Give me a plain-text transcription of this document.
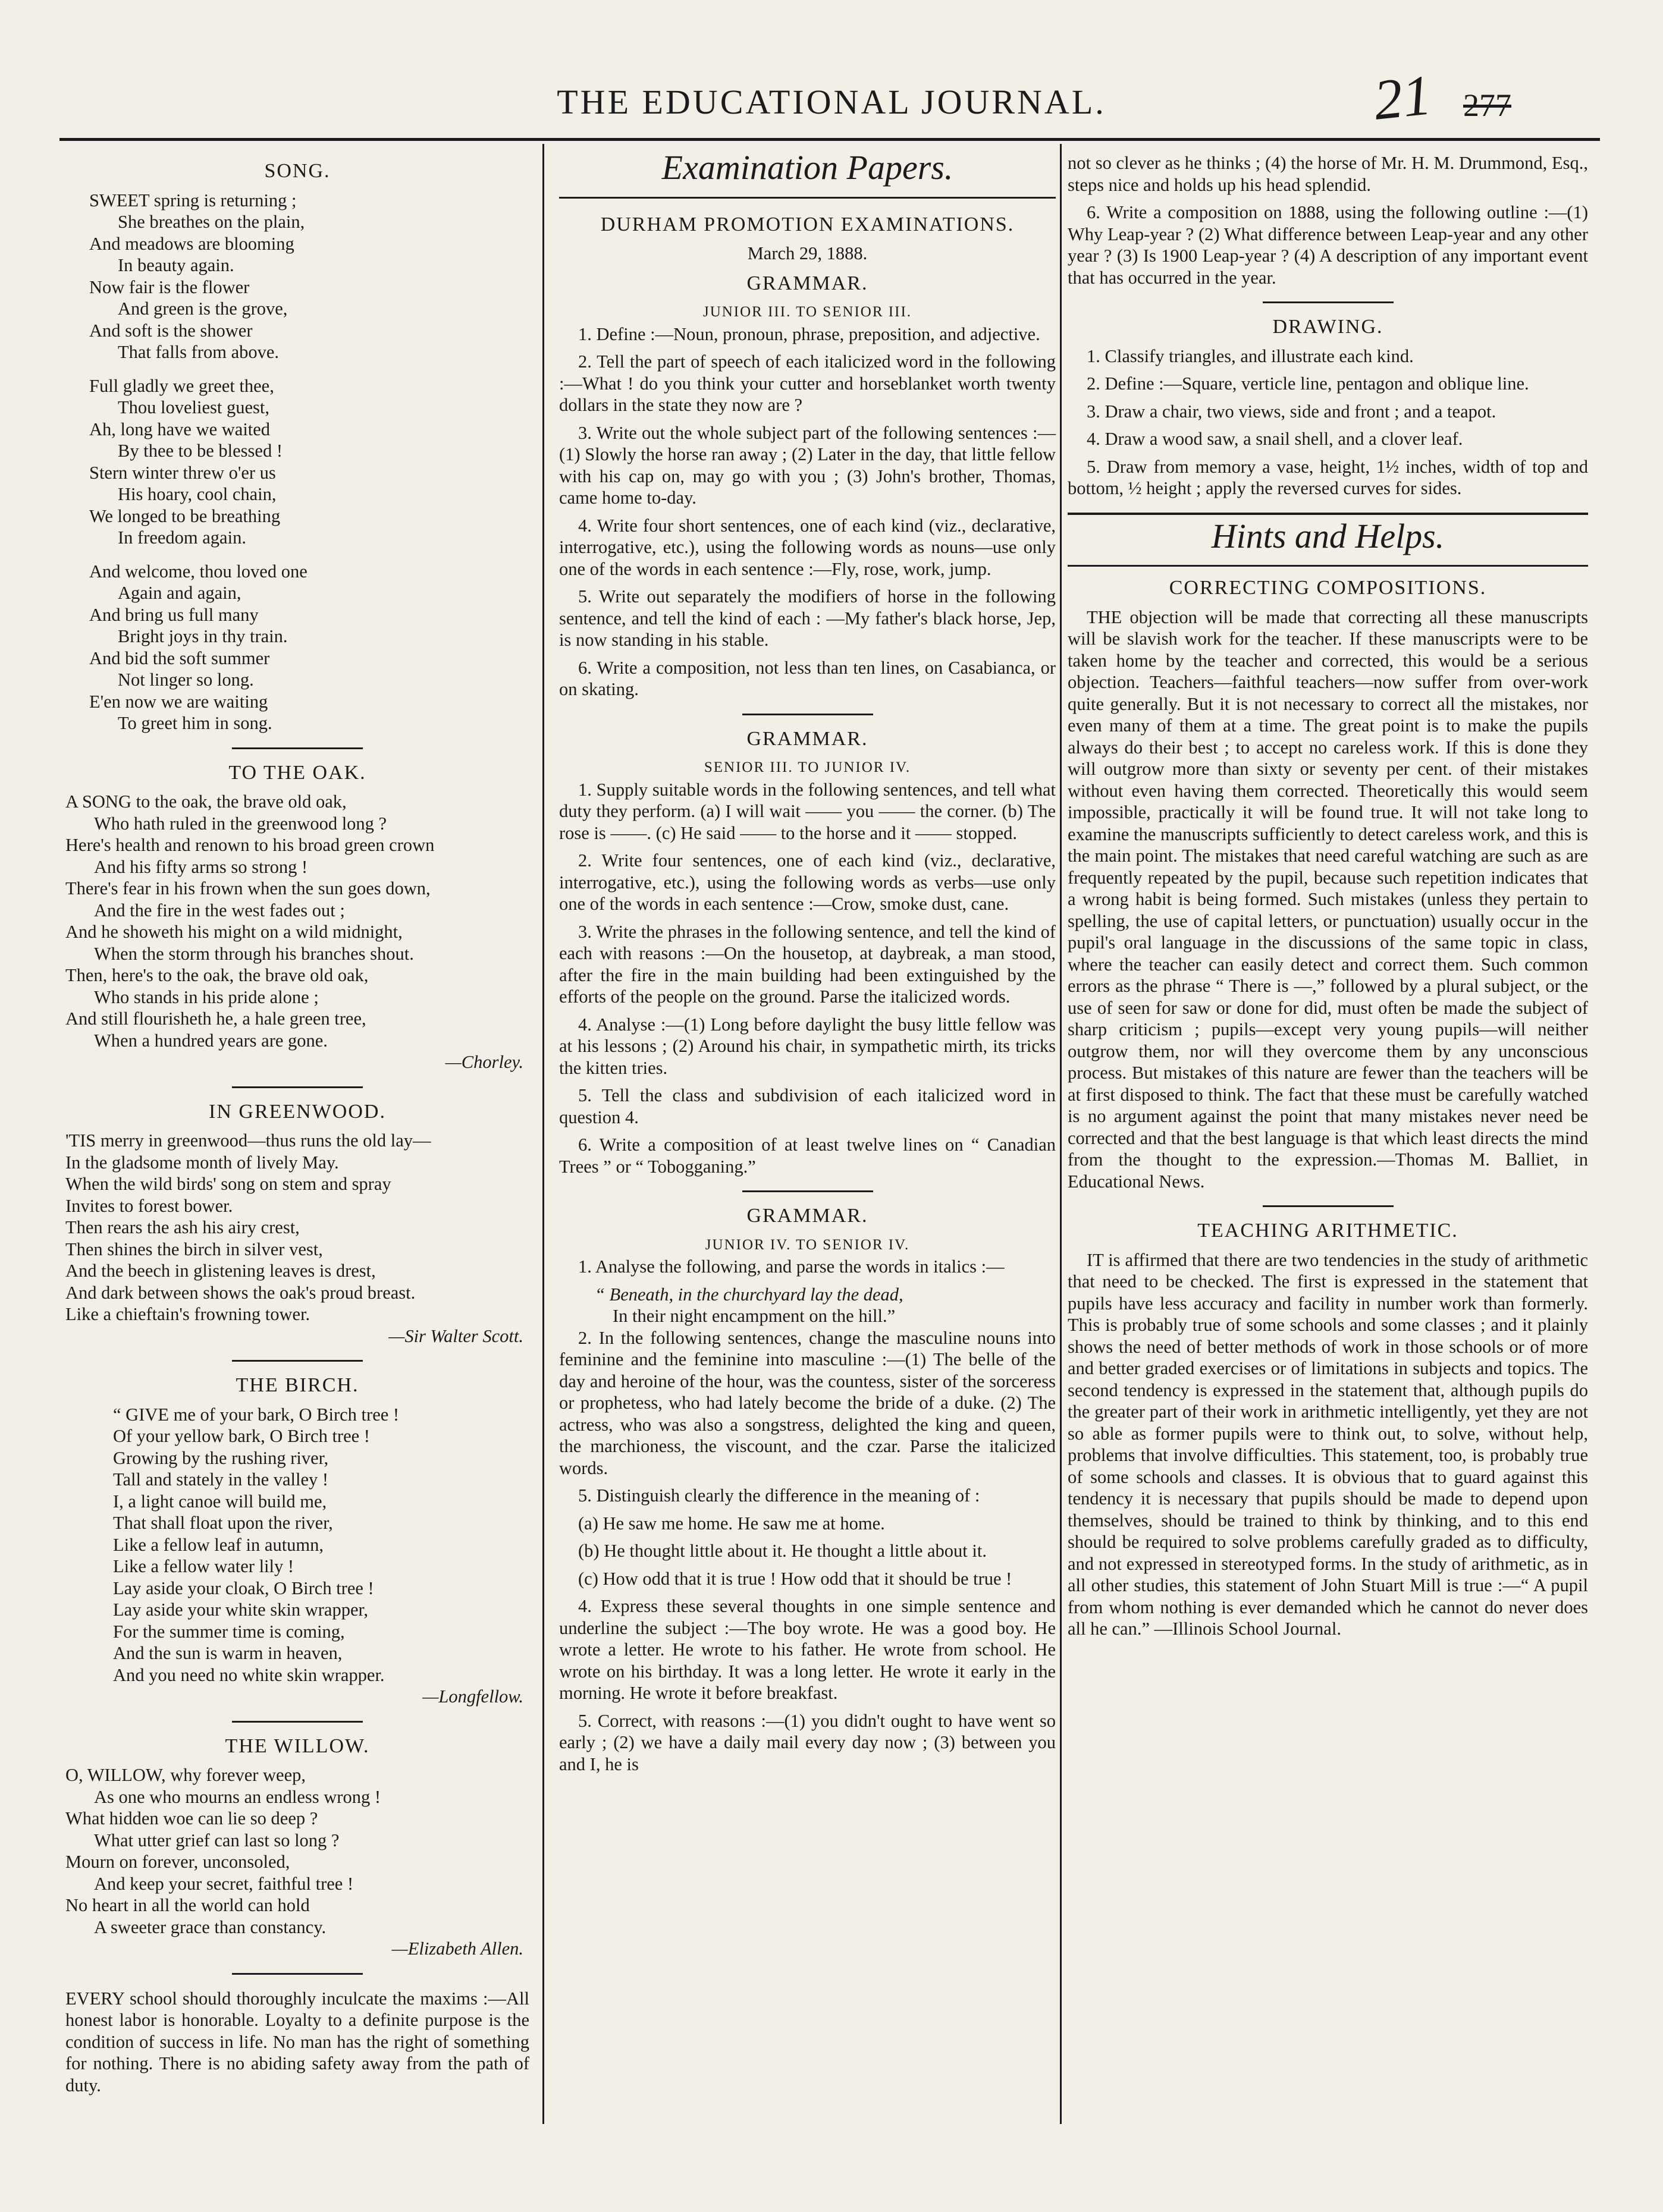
THE EDUCATIONAL JOURNAL.	21 277
SONG.
SWEET spring is returning ;
She breathes on the plain,
And meadows are blooming
In beauty again.
Now fair is the flower
And green is the grove,
And soft is the shower
That falls from above.
Full gladly we greet thee,
Thou loveliest guest,
Ah, long have we waited
By thee to be blessed !
Stern winter threw o'er us
His hoary, cool chain,
We longed to be breathing
In freedom again.
And welcome, thou loved one
Again and again,
And bring us full many
Bright joys in thy train.
And bid the soft summer
Not linger so long.
E'en now we are waiting
To greet him in song.
TO THE OAK.
A SONG to the oak, the brave old oak,
Who hath ruled in the greenwood long ?
Here's health and renown to his broad green crown
And his fifty arms so strong !
There's fear in his frown when the sun goes down,
And the fire in the west fades out ;
And he showeth his might on a wild midnight,
When the storm through his branches shout.
Then, here's to the oak, the brave old oak,
Who stands in his pride alone ;
And still flourisheth he, a hale green tree,
When a hundred years are gone.
—Chorley.
IN GREENWOOD.
'TIS merry in greenwood—thus runs the old lay—
In the gladsome month of lively May.
When the wild birds' song on stem and spray
Invites to forest bower.
Then rears the ash his airy crest,
Then shines the birch in silver vest,
And the beech in glistening leaves is drest,
And dark between shows the oak's proud breast.
Like a chieftain's frowning tower.
—Sir Walter Scott.
THE BIRCH.
“ GIVE me of your bark, O Birch tree !
Of your yellow bark, O Birch tree !
Growing by the rushing river,
Tall and stately in the valley !
I, a light canoe will build me,
That shall float upon the river,
Like a fellow leaf in autumn,
Like a fellow water lily !
Lay aside your cloak, O Birch tree !
Lay aside your white skin wrapper,
For the summer time is coming,
And the sun is warm in heaven,
And you need no white skin wrapper.
—Longfellow.
THE WILLOW.
O, WILLOW, why forever weep,
As one who mourns an endless wrong !
What hidden woe can lie so deep ?
What utter grief can last so long ?
Mourn on forever, unconsoled,
And keep your secret, faithful tree !
No heart in all the world can hold
A sweeter grace than constancy.
—Elizabeth Allen.

EVERY school should thoroughly inculcate the maxims :—All honest labor is honorable. Loyalty to a definite purpose is the condition of success in life. No man has the right of something for nothing. There is no abiding safety away from the path of duty.

Examination Papers.
DURHAM PROMOTION EXAMINATIONS.
March 29, 1888.
GRAMMAR.
JUNIOR III. TO SENIOR III.

1. Define :—Noun, pronoun, phrase, preposition, and adjective.

2. Tell the part of speech of each italicized word in the following :—What ! do you think your cutter and horseblanket worth twenty dollars in the state they now are ?

3. Write out the whole subject part of the following sentences :—(1) Slowly the horse ran away ; (2) Later in the day, that little fellow with his cap on, may go with you ; (3) John's brother, Thomas, came home to-day.

4. Write four short sentences, one of each kind (viz., declarative, interrogative, etc.), using the following words as nouns—use only one of the words in each sentence :—Fly, rose, work, jump.

5. Write out separately the modifiers of horse in the following sentence, and tell the kind of each : —My father's black horse, Jep, is now standing in his stable.

6. Write a composition, not less than ten lines, on Casabianca, or on skating.

GRAMMAR.
SENIOR III. TO JUNIOR IV.

1. Supply suitable words in the following sentences, and tell what duty they perform. (a) I will wait —— you —— the corner. (b) The rose is ——. (c) He said —— to the horse and it —— stopped.

2. Write four sentences, one of each kind (viz., declarative, interrogative, etc.), using the following words as verbs—use only one of the words in each sentence :—Crow, smoke dust, cane.

3. Write the phrases in the following sentence, and tell the kind of each with reasons :—On the housetop, at daybreak, a man stood, after the fire in the main building had been extinguished by the efforts of the people on the ground. Parse the italicized words.

4. Analyse :—(1) Long before daylight the busy little fellow was at his lessons ; (2) Around his chair, in sympathetic mirth, its tricks the kitten tries.

5. Tell the class and subdivision of each italicized word in question 4.

6. Write a composition of at least twelve lines on “ Canadian Trees ” or “ Tobogganing.”

GRAMMAR.
JUNIOR IV. TO SENIOR IV.

1. Analyse the following, and parse the words in italics :—

“ Beneath, in the churchyard lay the dead,
In their night encampment on the hill.”

2. In the following sentences, change the masculine nouns into feminine and the feminine into masculine :—(1) The belle of the day and heroine of the hour, was the countess, sister of the sorceress or prophetess, who had lately become the bride of a duke. (2) The actress, who was also a songstress, delighted the king and queen, the marchioness, the viscount, and the czar. Parse the italicized words.

5. Distinguish clearly the difference in the meaning of :

(a) He saw me home. He saw me at home.

(b) He thought little about it. He thought a little about it.

(c) How odd that it is true ! How odd that it should be true !

4. Express these several thoughts in one simple sentence and underline the subject :—The boy wrote. He was a good boy. He wrote a letter. He wrote to his father. He wrote from school. He wrote on his birthday. It was a long letter. He wrote it early in the morning. He wrote it before breakfast.

5. Correct, with reasons :—(1) you didn't ought to have went so early ; (2) we have a daily mail every day now ; (3) between you and I, he is

not so clever as he thinks ; (4) the horse of Mr. H. M. Drummond, Esq., steps nice and holds up his head splendid.

6. Write a composition on 1888, using the following outline :—(1) Why Leap-year ? (2) What difference between Leap-year and any other year ? (3) Is 1900 Leap-year ? (4) A description of any important event that has occurred in the year.

DRAWING.

1. Classify triangles, and illustrate each kind.

2. Define :—Square, verticle line, pentagon and oblique line.

3. Draw a chair, two views, side and front ; and a teapot.

4. Draw a wood saw, a snail shell, and a clover leaf.

5. Draw from memory a vase, height, 1½ inches, width of top and bottom, ½ height ; apply the reversed curves for sides.

Hints and Helps.
CORRECTING COMPOSITIONS.

THE objection will be made that correcting all these manuscripts will be slavish work for the teacher. If these manuscripts were to be taken home by the teacher and corrected, this would be a serious objection. Teachers—faithful teachers—now suffer from over-work quite generally. But it is not necessary to correct all the mistakes, nor even many of them at a time. The great point is to make the pupils always do their best ; to accept no careless work. If this is done they will outgrow more than sixty or seventy per cent. of their mistakes without even having them corrected. Theoretically this would seem impossible, practically it will be found true. It will not take long to examine the manuscripts sufficiently to detect careless work, and this is the main point. The mistakes that need careful watching are such as are frequently repeated by the pupil, because such repetition indicates that a wrong habit is being formed. Such mistakes (unless they pertain to spelling, the use of capital letters, or punctuation) usually occur in the pupil's oral language in the discussions of the same topic in class, where the teacher can easily detect and correct them. Such common errors as the phrase “ There is —,” followed by a plural subject, or the use of seen for saw or done for did, must often be made the subject of sharp criticism ; pupils—except very young pupils—will neither outgrow them, nor will they overcome them by any unconscious process. But mistakes of this nature are fewer than the teachers will be at first disposed to think. The fact that these must be carefully watched is no argument against the point that many mistakes never need be corrected and that the best language is that which least directs the mind from the thought to the expression.—Thomas M. Balliet, in Educational News.

TEACHING ARITHMETIC.

IT is affirmed that there are two tendencies in the study of arithmetic that need to be checked. The first is expressed in the statement that pupils have less accuracy and facility in number work than formerly. This is probably true of some schools and some classes ; and it plainly shows the need of better methods of work in those schools or of more and better graded exercises or of limitations in subjects and topics. The second tendency is expressed in the statement that, although pupils do the greater part of their work in arithmetic intelligently, yet they are not so able as former pupils were to think out, to solve, without help, problems that involve difficulties. This statement, too, is probably true of some schools and classes. It is obvious that to guard against this tendency it is necessary that pupils should be made to depend upon themselves, should be trained to think by thinking, and to this end should be required to solve problems carefully graded as to difficulty, and not expressed in stereotyped forms. In the study of arithmetic, as in all other studies, this statement of John Stuart Mill is true :—“ A pupil from whom nothing is ever demanded which he cannot do never does all he can.” —Illinois School Journal.
